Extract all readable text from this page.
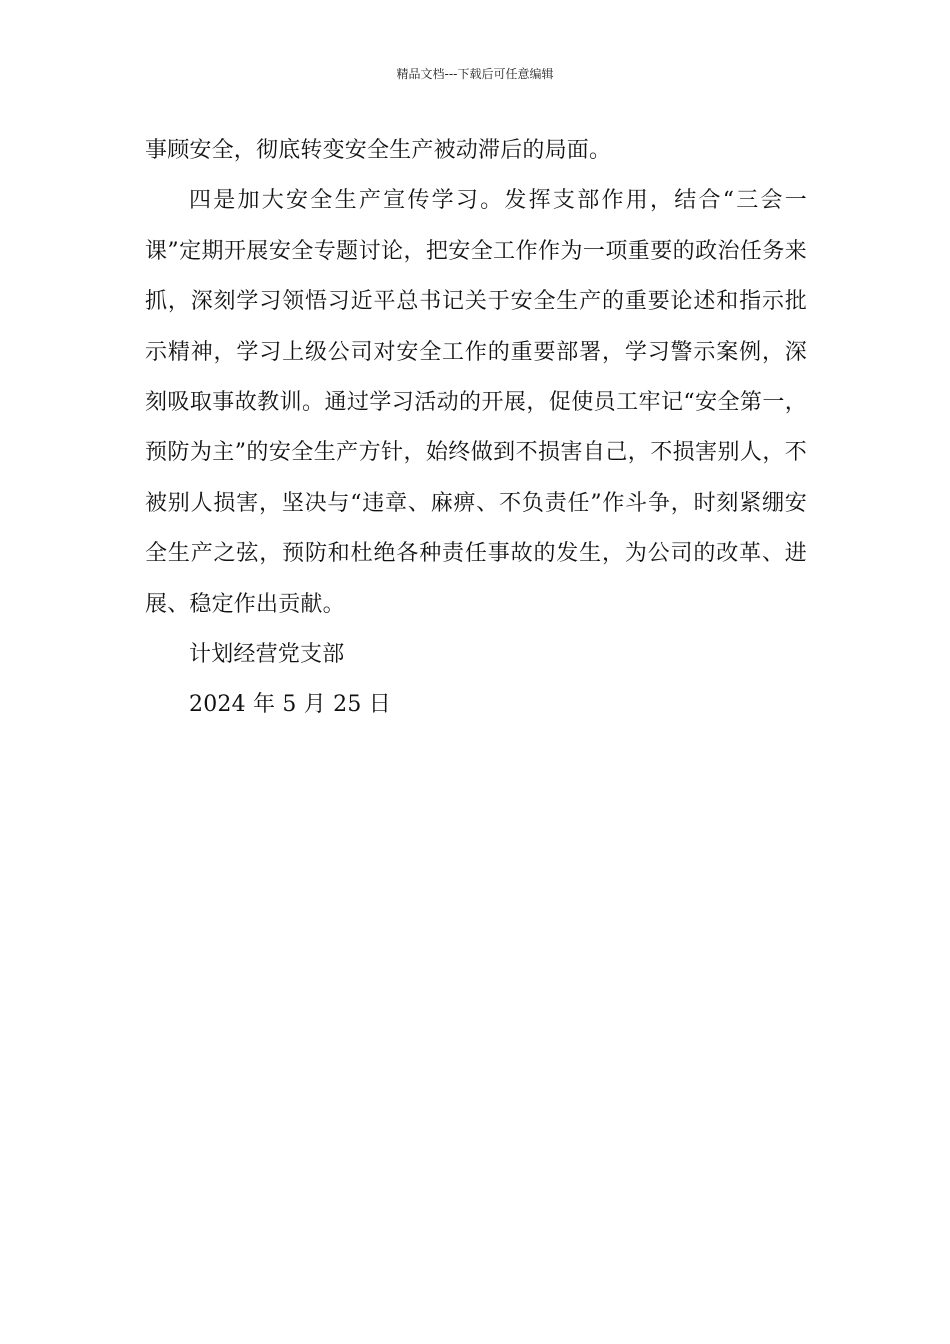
精品文档---下载后可任意编辑

事顾安全，彻底转变安全生产被动滞后的局面。

四是加大安全生产宣传学习。发挥支部作用，结合“三会一课”定期开展安全专题讨论，把安全工作作为一项重要的政治任务来抓，深刻学习领悟习近平总书记关于安全生产的重要论述和指示批示精神，学习上级公司对安全工作的重要部署，学习警示案例，深刻吸取事故教训。通过学习活动的开展，促使员工牢记“安全第一，预防为主”的安全生产方针，始终做到不损害自己，不损害别人，不被别人损害，坚决与“违章、麻痹、不负责任”作斗争，时刻紧绷安全生产之弦，预防和杜绝各种责任事故的发生，为公司的改革、进展、稳定作出贡献。

计划经营党支部

2024 年 5 月 25 日
